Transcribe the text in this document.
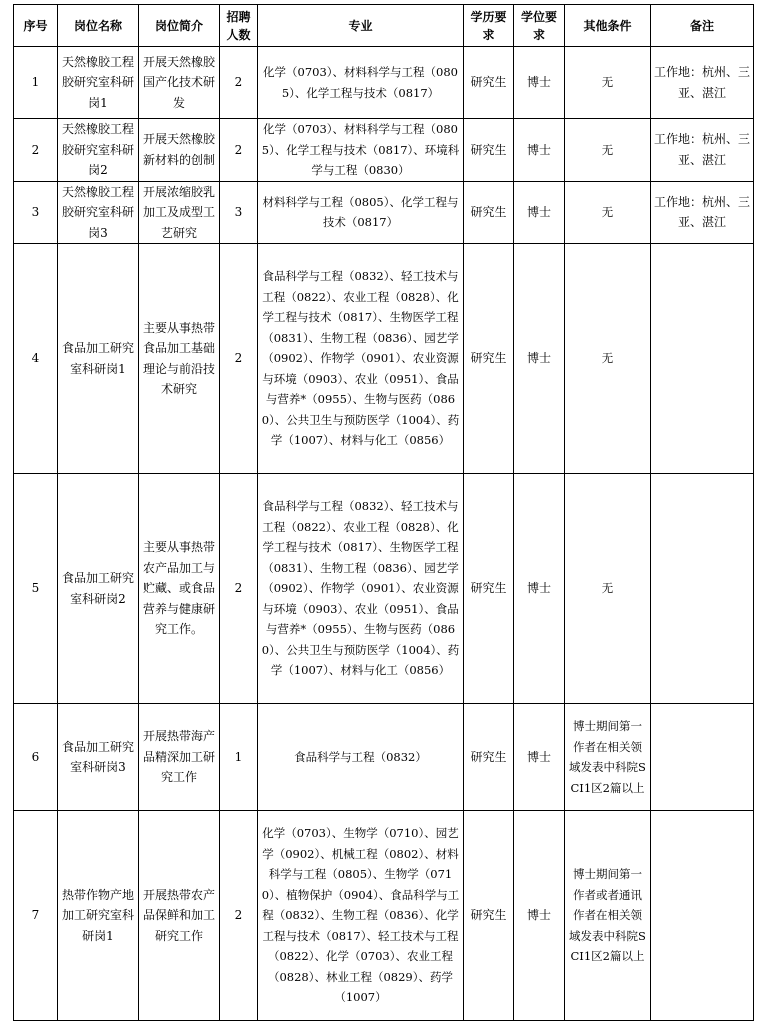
序号	岗位名称	岗位简介	招聘人数	专业	学历要求	学位要求	其他条件	备注
1	天然橡胶工程胶研究室科研岗1	开展天然橡胶国产化技术研发	2	化学（0703）、材料科学与工程（0805）、化学工程与技术（0817）	研究生	博士	无	工作地：杭州、三亚、湛江
2	天然橡胶工程胶研究室科研岗2	开展天然橡胶新材料的创制	2	化学（0703）、材料科学与工程（0805）、化学工程与技术（0817）、环境科学与工程（0830）	研究生	博士	无	工作地：杭州、三亚、湛江
3	天然橡胶工程胶研究室科研岗3	开展浓缩胶乳加工及成型工艺研究	3	材料科学与工程（0805）、化学工程与技术（0817）	研究生	博士	无	工作地：杭州、三亚、湛江
4	食品加工研究室科研岗1	主要从事热带食品加工基础理论与前沿技术研究	2	食品科学与工程（0832）、轻工技术与工程（0822）、农业工程（0828）、化学工程与技术（0817）、生物医学工程（0831）、生物工程（0836）、园艺学（0902）、作物学（0901）、农业资源与环境（0903）、农业（0951）、食品与营养*（0955）、生物与医药（0860）、公共卫生与预防医学（1004）、药学（1007）、材料与化工（0856）	研究生	博士	无	
5	食品加工研究室科研岗2	主要从事热带农产品加工与贮藏、或食品营养与健康研究工作。	2	食品科学与工程（0832）、轻工技术与工程（0822）、农业工程（0828）、化学工程与技术（0817）、生物医学工程（0831）、生物工程（0836）、园艺学（0902）、作物学（0901）、农业资源与环境（0903）、农业（0951）、食品与营养*（0955）、生物与医药（0860）、公共卫生与预防医学（1004）、药学（1007）、材料与化工（0856）	研究生	博士	无	
6	食品加工研究室科研岗3	开展热带海产品精深加工研究工作	1	食品科学与工程（0832）	研究生	博士	博士期间第一作者在相关领域发表中科院SCI1区2篇以上	
7	热带作物产地加工研究室科研岗1	开展热带农产品保鲜和加工研究工作	2	化学（0703）、生物学（0710）、园艺学（0902）、机械工程（0802）、材料科学与工程（0805）、生物学（0710）、植物保护（0904）、食品科学与工程（0832）、生物工程（0836）、化学工程与技术（0817）、轻工技术与工程（0822）、化学（0703）、农业工程（0828）、林业工程（0829）、药学（1007）	研究生	博士	博士期间第一作者或者通讯作者在相关领域发表中科院SCI1区2篇以上	
